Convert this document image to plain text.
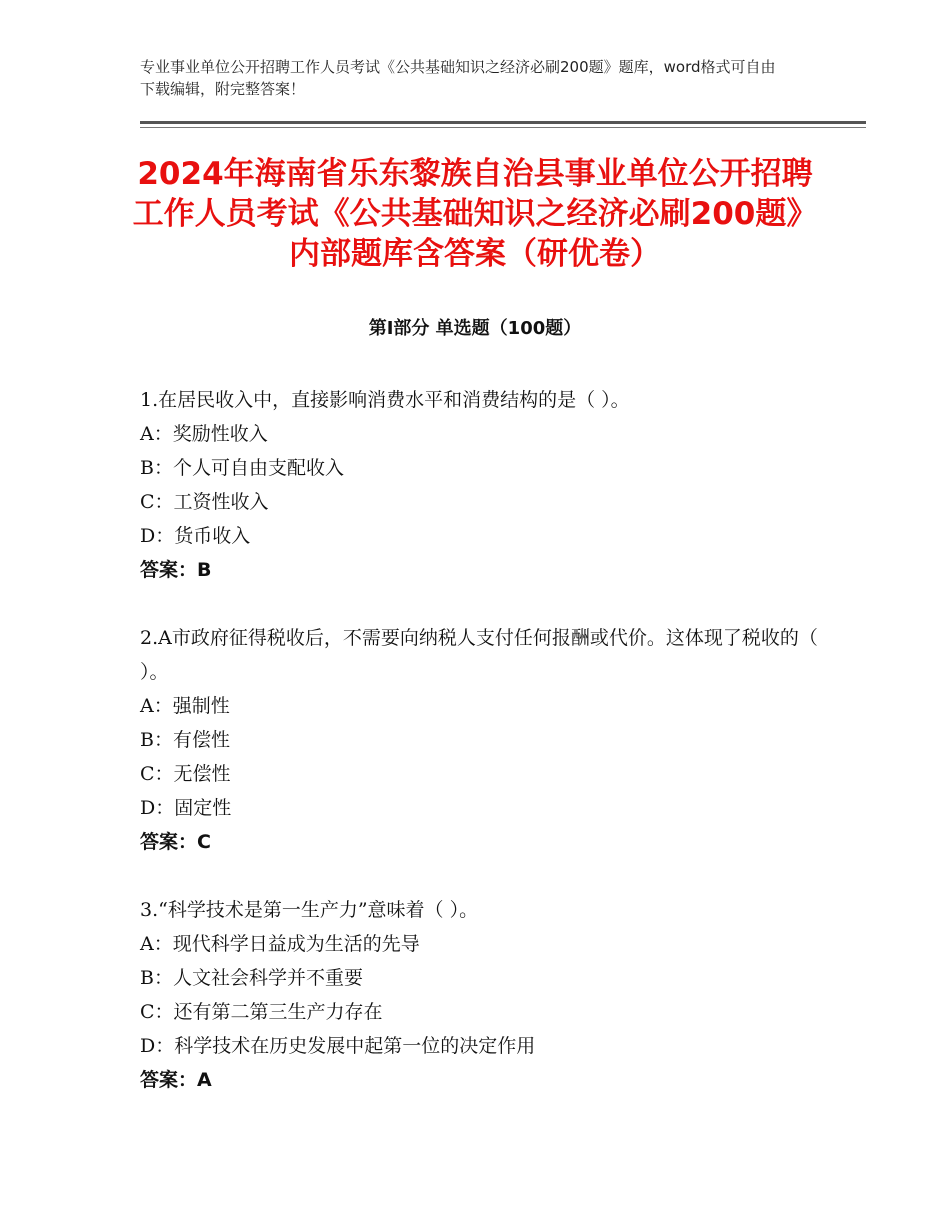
专业事业单位公开招聘工作人员考试《公共基础知识之经济必刷200题》题库，word格式可自由下载编辑，附完整答案！
2024年海南省乐东黎族自治县事业单位公开招聘工作人员考试《公共基础知识之经济必刷200题》内部题库含答案（研优卷）
第I部分 单选题（100题）
1.在居民收入中，直接影响消费水平和消费结构的是（ ）。
A：奖励性收入
B：个人可自由支配收入
C：工资性收入
D：货币收入
答案：B
2.A市政府征得税收后，不需要向纳税人支付任何报酬或代价。这体现了税收的（ ）。
A：强制性
B：有偿性
C：无偿性
D：固定性
答案：C
3.“科学技术是第一生产力”意味着（ ）。
A：现代科学日益成为生活的先导
B：人文社会科学并不重要
C：还有第二第三生产力存在
D：科学技术在历史发展中起第一位的决定作用
答案：A
